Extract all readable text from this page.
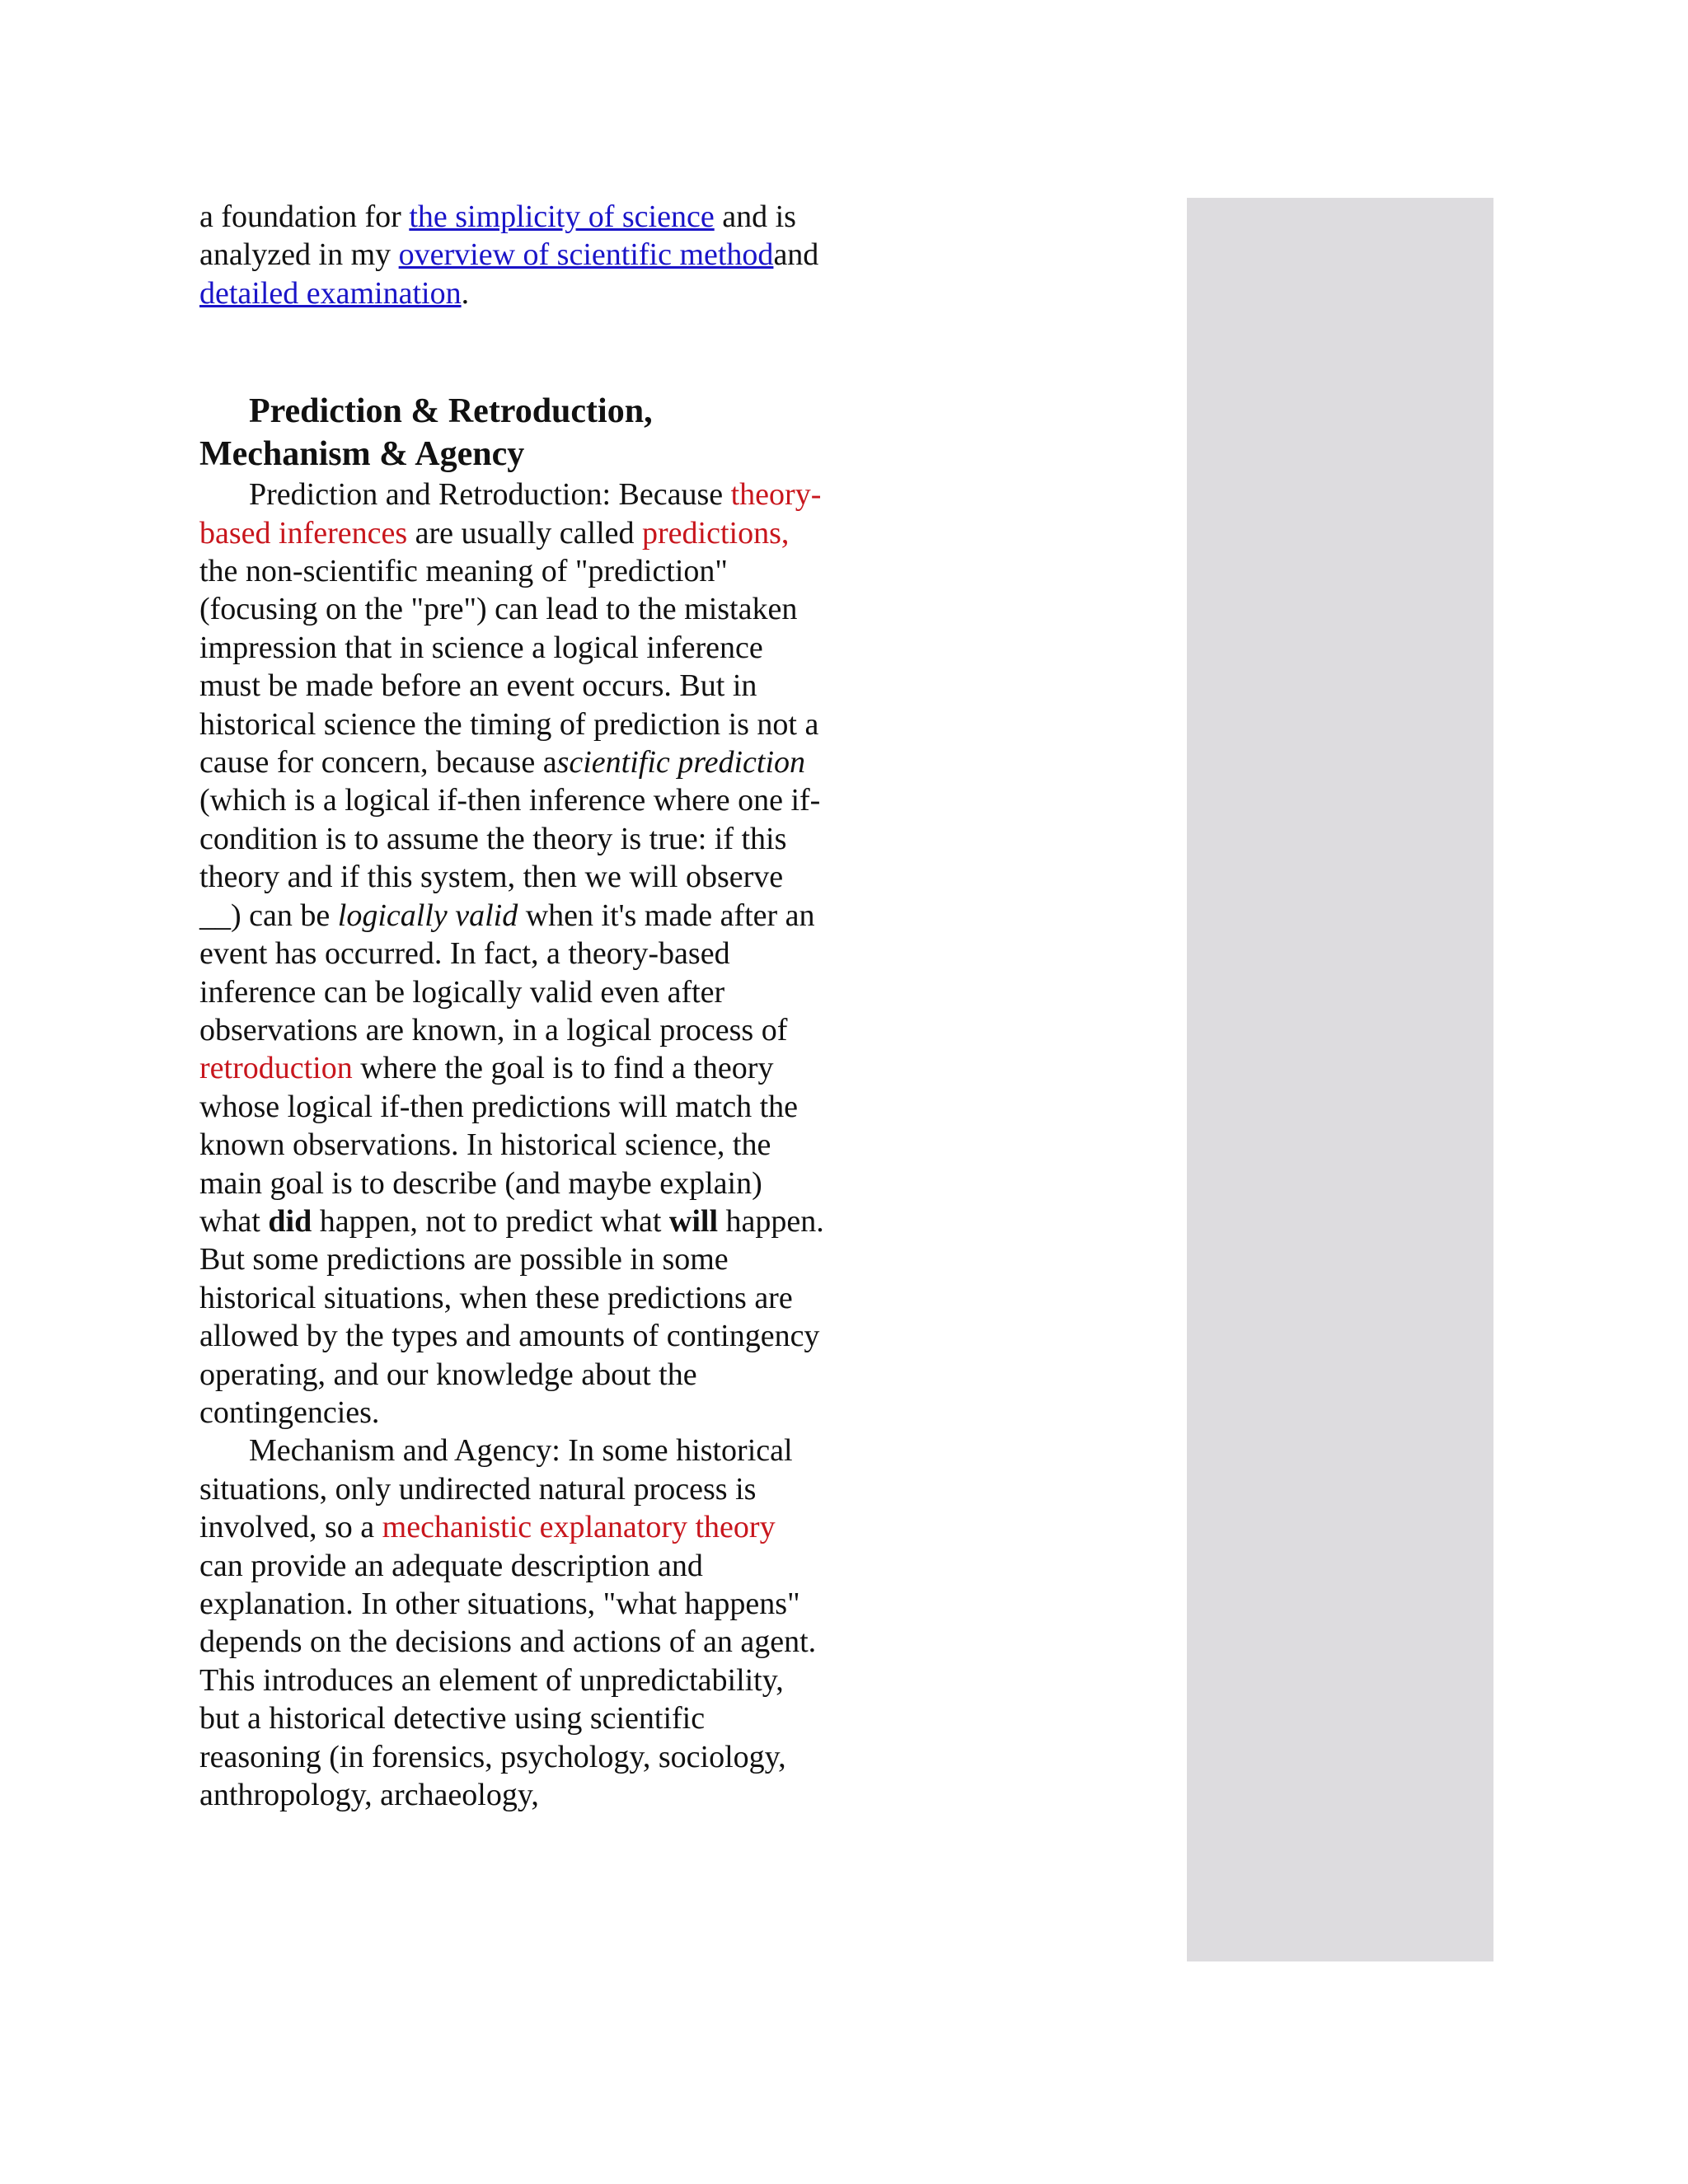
a foundation for the simplicity of science and is analyzed in my overview of scientific methodand detailed examination.

Prediction & Retroduction,
Mechanism & Agency

Prediction and Retroduction: Because theory-based inferences are usually called predictions, the non-scientific meaning of "prediction" (focusing on the "pre") can lead to the mistaken impression that in science a logical inference must be made before an event occurs. But in historical science the timing of prediction is not a cause for concern, because ascientific prediction (which is a logical if-then inference where one if-condition is to assume the theory is true: if this theory and if this system, then we will observe __) can be logically valid when it's made after an event has occurred. In fact, a theory-based inference can be logically valid even after observations are known, in a logical process of retroduction where the goal is to find a theory whose logical if-then predictions will match the known observations. In historical science, the main goal is to describe (and maybe explain) what did happen, not to predict what will happen. But some predictions are possible in some historical situations, when these predictions are allowed by the types and amounts of contingency operating, and our knowledge about the contingencies.

Mechanism and Agency: In some historical situations, only undirected natural process is involved, so a mechanistic explanatory theory can provide an adequate description and explanation. In other situations, "what happens" depends on the decisions and actions of an agent. This introduces an element of unpredictability, but a historical detective using scientific reasoning (in forensics, psychology, sociology, anthropology, archaeology,
